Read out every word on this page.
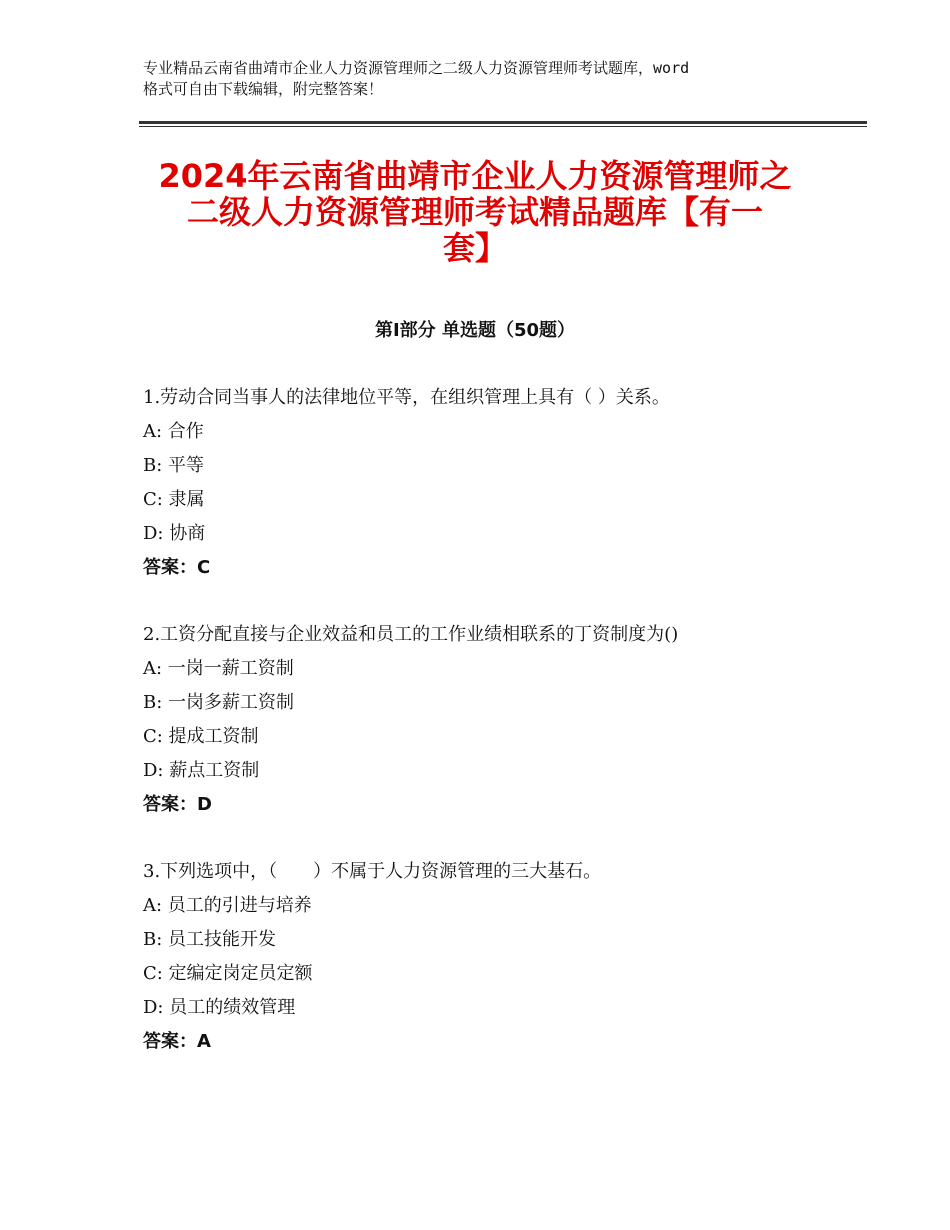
专业精品云南省曲靖市企业人力资源管理师之二级人力资源管理师考试题库，word
格式可自由下载编辑，附完整答案！
2024年云南省曲靖市企业人力资源管理师之
二级人力资源管理师考试精品题库【有一
套】
第Ⅰ部分 单选题（50题）
1.劳动合同当事人的法律地位平等，在组织管理上具有（ ）关系。
A: 合作
B: 平等
C: 隶属
D: 协商
答案：C
2.工资分配直接与企业效益和员工的工作业绩相联系的丁资制度为()
A: 一岗一薪工资制
B: 一岗多薪工资制
C: 提成工资制
D: 薪点工资制
答案：D
3.下列选项中，（　　）不属于人力资源管理的三大基石。
A: 员工的引进与培养
B: 员工技能开发
C: 定编定岗定员定额
D: 员工的绩效管理
答案：A
